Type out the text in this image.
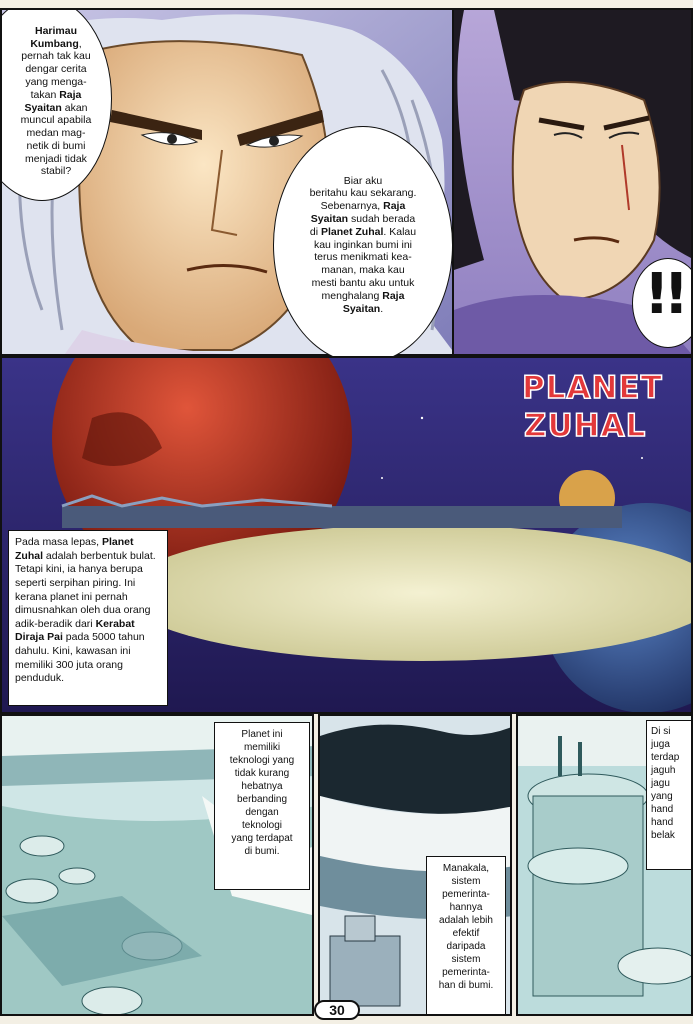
Harimau
Kumbang,
pernah tak kau
dengar cerita
yang menga-
takan Raja
Syaitan akan
muncul apabila
medan mag-
netik di bumi
menjadi tidak
stabil?
!!
Biar aku
beritahu kau sekarang.
Sebenarnya, Raja
Syaitan sudah berada
di Planet Zuhal. Kalau
kau inginkan bumi ini
terus menikmati kea-
manan, maka kau
mesti bantu aku untuk
menghalang Raja
Syaitan.
PLANET
ZUHAL
Pada masa lepas, Planet Zuhal adalah berbentuk bulat. Tetapi kini, ia hanya berupa seperti serpihan piring. Ini kerana planet ini pernah dimusnahkan oleh dua orang adik-beradik dari Kerabat Diraja Pai pada 5000 tahun dahulu. Kini, kawasan ini memiliki 300 juta orang penduduk.
Planet ini
memiliki
teknologi yang
tidak kurang
hebatnya
berbanding
dengan
teknologi
yang terdapat
di bumi.
Manakala,
sistem
pemerinta-
hannya
adalah lebih
efektif
daripada
sistem
pemerinta-
han di bumi.
Di si
juga
terdap
jaguh
jagu
yang
hand
hand
belak
30
